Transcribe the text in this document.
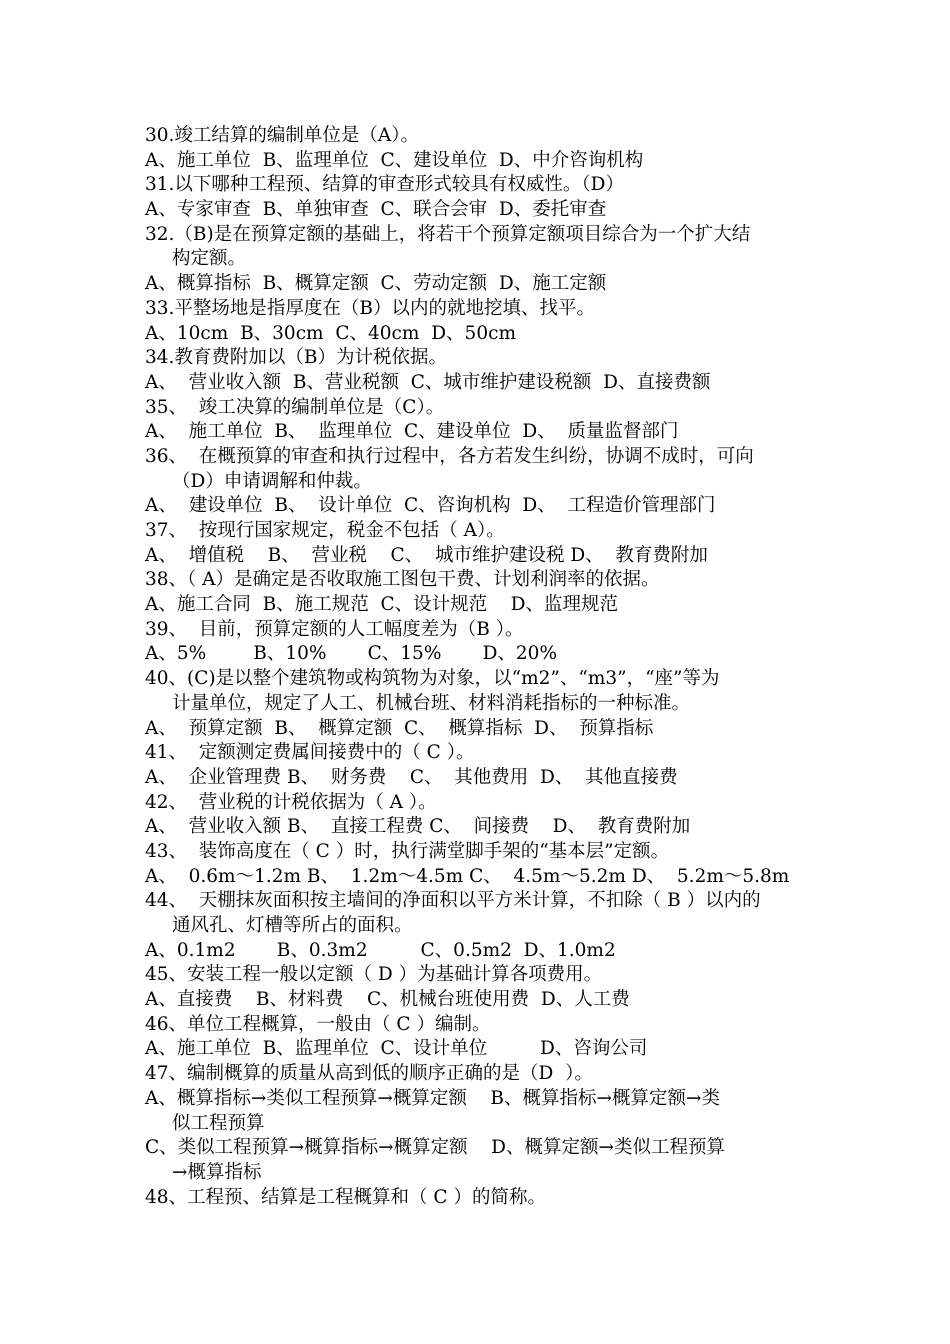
30.竣工结算的编制单位是（A）。
A、施工单位  B、监理单位  C、建设单位  D、中介咨询机构
31.以下哪种工程预、结算的审查形式较具有权威性。（D）
A、专家审查  B、单独审查  C、联合会审  D、委托审查
32.（B)是在预算定额的基础上，将若干个预算定额项目综合为一个扩大结
构定额。
A、概算指标  B、概算定额  C、劳动定额  D、施工定额
33.平整场地是指厚度在（B）以内的就地挖填、找平。
A、10cm  B、30cm  C、40cm  D、50cm
34.教育费附加以（B）为计税依据。
A、  营业收入额  B、营业税额  C、城市维护建设税额  D、直接费额
35、  竣工决算的编制单位是（C）。
A、  施工单位  B、  监理单位  C、建设单位  D、  质量监督部门
36、  在概预算的审查和执行过程中，各方若发生纠纷，协调不成时，可向
（D）申请调解和仲裁。
A、  建设单位  B、  设计单位  C、咨询机构  D、  工程造价管理部门
37、  按现行国家规定，税金不包括（ A）。
A、  增值税    B、  营业税    C、  城市维护建设税 D、  教育费附加
38、（ A）是确定是否收取施工图包干费、计划利润率的依据。
A、施工合同  B、施工规范  C、设计规范    D、监理规范
39、  目前，预算定额的人工幅度差为（B ）。
A、5%        B、10%       C、15%       D、20%
40、(C)是以整个建筑物或构筑物为对象，以“m2”、“m3”，“座”等为
计量单位，规定了人工、机械台班、材料消耗指标的一种标准。
A、  预算定额  B、  概算定额  C、  概算指标  D、  预算指标
41、  定额测定费属间接费中的（ C ）。
A、  企业管理费 B、  财务费    C、  其他费用  D、  其他直接费
42、  营业税的计税依据为（ A ）。
A、  营业收入额 B、  直接工程费 C、  间接费    D、  教育费附加
43、  装饰高度在（ C ）时，执行满堂脚手架的“基本层”定额。
A、  0.6m～1.2m B、  1.2m～4.5m C、  4.5m～5.2m D、  5.2m～5.8m
44、  天棚抹灰面积按主墙间的净面积以平方米计算，不扣除（ B ）以内的
通风孔、灯槽等所占的面积。
A、0.1m2       B、0.3m2         C、0.5m2  D、1.0m2
45、安装工程一般以定额（ D ）为基础计算各项费用。
A、直接费    B、材料费    C、机械台班使用费  D、人工费
46、单位工程概算，一般由（ C ）编制。
A、施工单位  B、监理单位  C、设计单位         D、咨询公司
47、编制概算的质量从高到低的顺序正确的是（D  ）。
A、概算指标→类似工程预算→概算定额    B、概算指标→概算定额→类
似工程预算
C、类似工程预算→概算指标→概算定额    D、概算定额→类似工程预算
→概算指标
48、工程预、结算是工程概算和（ C ）的简称。
